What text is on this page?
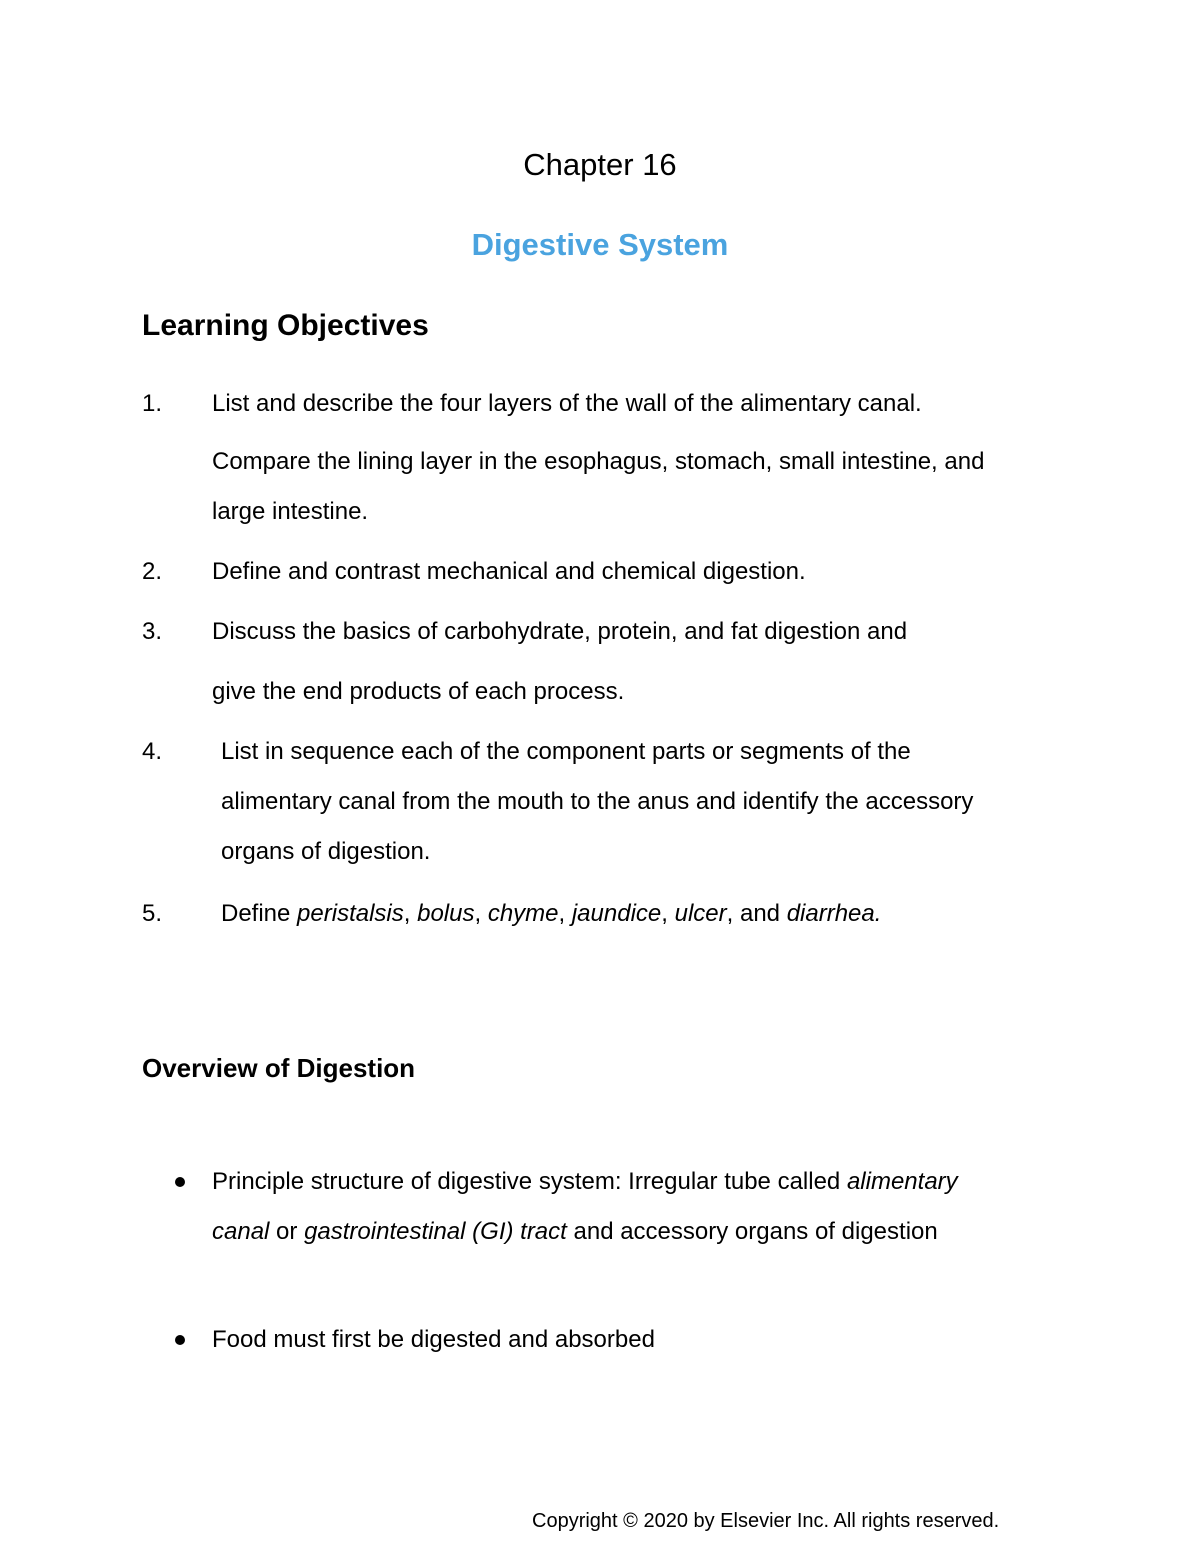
Chapter 16
Digestive System
Learning Objectives
1. List and describe the four layers of the wall of the alimentary canal.
Compare the lining layer in the esophagus, stomach, small intestine, and
large intestine.
2. Define and contrast mechanical and chemical digestion.
3. Discuss the basics of carbohydrate, protein, and fat digestion and
give the end products of each process.
4. List in sequence each of the component parts or segments of the
alimentary canal from the mouth to the anus and identify the accessory
organs of digestion.
5. Define peristalsis, bolus, chyme, jaundice, ulcer, and diarrhea.
Overview of Digestion
Principle structure of digestive system: Irregular tube called alimentary
canal or gastrointestinal (GI) tract and accessory organs of digestion
Food must first be digested and absorbed
Copyright © 2020 by Elsevier Inc. All rights reserved.
